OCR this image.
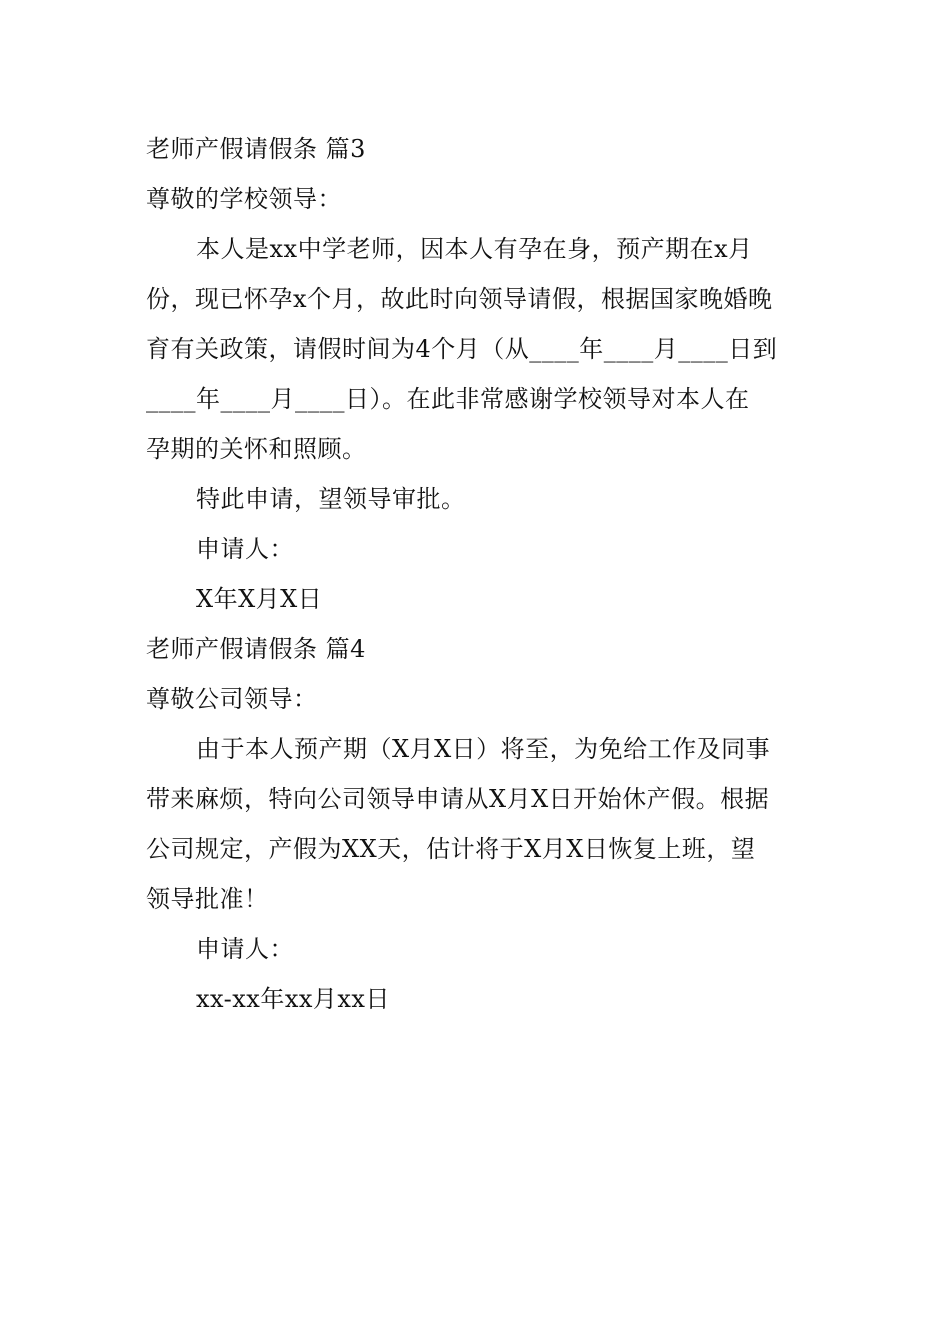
老师产假请假条 篇3
尊敬的学校领导：
本人是xx中学老师，因本人有孕在身，预产期在x月
份，现已怀孕x个月，故此时向领导请假，根据国家晚婚晚
育有关政策，请假时间为4个月（从____年____月____日到
____年____月____日）。在此非常感谢学校领导对本人在
孕期的关怀和照顾。
特此申请，望领导审批。
申请人：
X年X月X日
老师产假请假条 篇4
尊敬公司领导：
由于本人预产期（X月X日）将至，为免给工作及同事
带来麻烦，特向公司领导申请从X月X日开始休产假。根据
公司规定，产假为XX天，估计将于X月X日恢复上班，望
领导批准！
申请人：
xx-xx年xx月xx日
